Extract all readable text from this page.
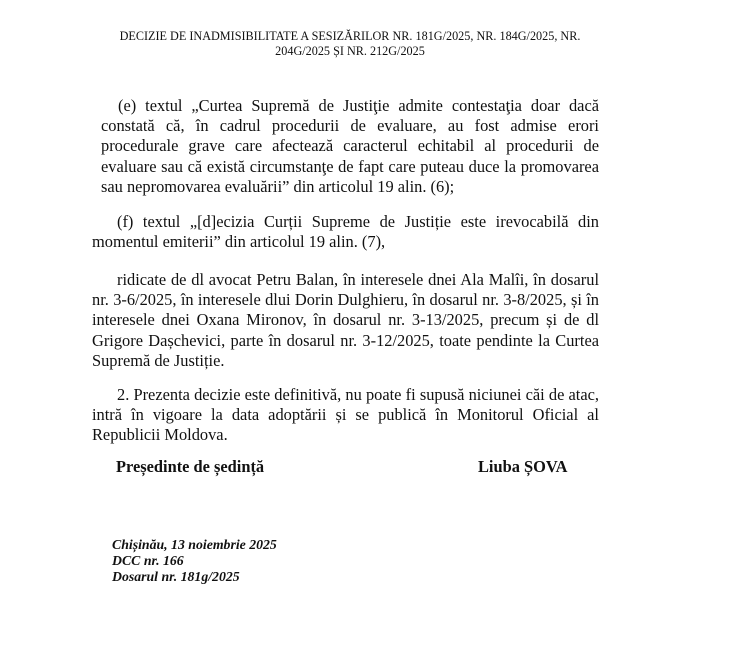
DECIZIE DE INADMISIBILITATE A SESIZĂRILOR NR. 181G/2025, NR. 184G/2025, NR.
204G/2025 ȘI NR. 212G/2025
(e) textul „Curtea Supremă de Justiţie admite contestaţia doar dacă constată că, în cadrul procedurii de evaluare, au fost admise erori procedurale grave care afectează caracterul echitabil al procedurii de evaluare sau că există circumstanţe de fapt care puteau duce la promovarea sau nepromovarea evaluării” din articolul 19 alin. (6);
(f) textul „[d]ecizia Curții Supreme de Justiție este irevocabilă din momentul emiterii” din articolul 19 alin. (7),
ridicate de dl avocat Petru Balan, în interesele dnei Ala Malîi, în dosarul nr. 3-6/2025, în interesele dlui Dorin Dulghieru, în dosarul nr. 3-8/2025, și în interesele dnei Oxana Mironov, în dosarul nr. 3-13/2025, precum și de dl Grigore Dașchevici, parte în dosarul nr. 3-12/2025, toate pendinte la Curtea Supremă de Justiție.
2. Prezenta decizie este definitivă, nu poate fi supusă niciunei căi de atac, intră în vigoare la data adoptării și se publică în Monitorul Oficial al Republicii Moldova.
Președinte de ședință	Liuba ȘOVA
Chișinău, 13 noiembrie 2025
DCC nr. 166
Dosarul nr. 181g/2025
